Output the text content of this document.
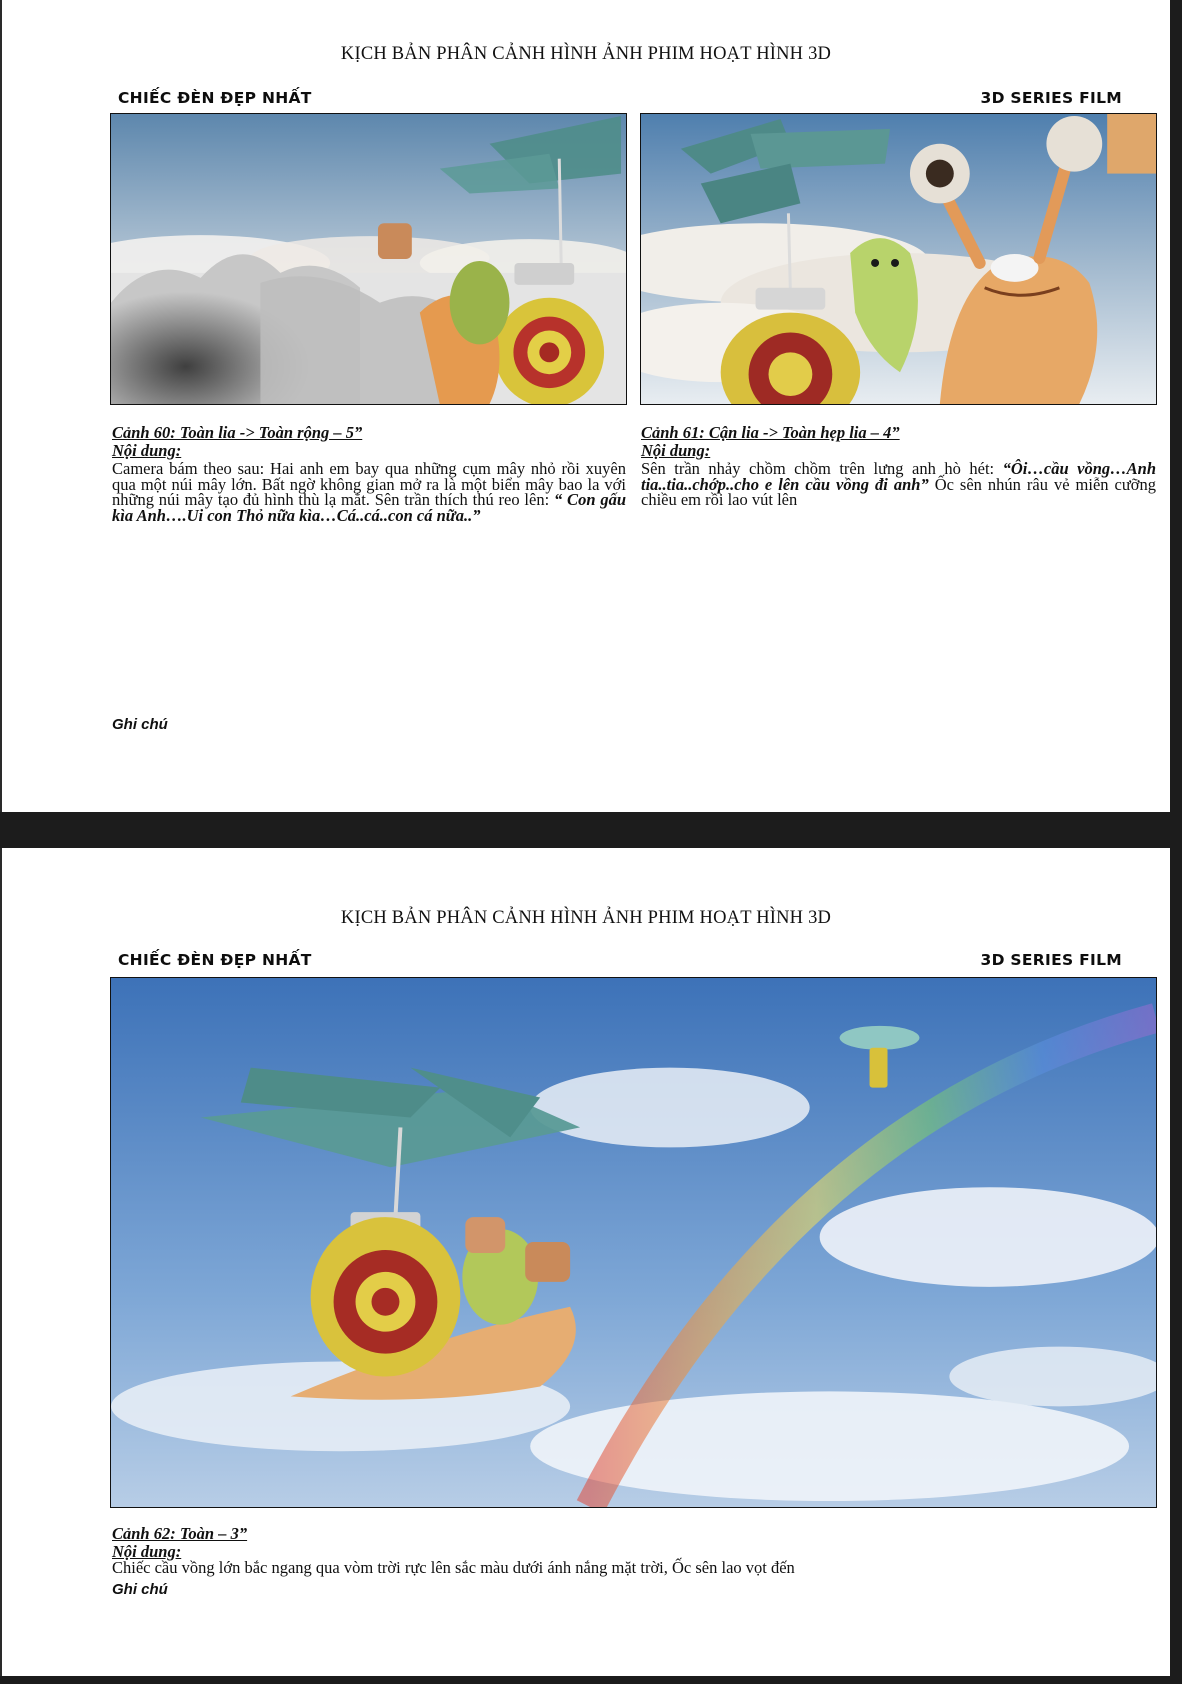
KỊCH BẢN PHÂN CẢNH HÌNH ẢNH PHIM HOẠT HÌNH 3D
CHIẾC ĐÈN ĐẸP NHẤT	3D SERIES FILM
Cảnh 60: Toàn lia -> Toàn rộng – 5”
Nội dung:
Camera bám theo sau: Hai anh em bay qua những cụm mây nhỏ rồi xuyên qua một núi mây lớn. Bất ngờ không gian mở ra là một biển mây bao la với những núi mây tạo đủ hình thù lạ mắt. Sên trần thích thú reo lên: “ Con gấu kìa Anh….Ui con Thỏ nữa kìa…Cá..cá..con cá nữa..”
Cảnh 61: Cận lia -> Toàn hẹp lia – 4”
Nội dung:
Sên trần nhảy chồm chồm trên lưng anh hò hét: “Ôi…cầu vồng…Anh tia..tia..chớp..cho e lên cầu vồng đi anh” Ốc sên nhún râu vẻ miễn cưỡng chiều em rồi lao vút lên
Ghi chú
KỊCH BẢN PHÂN CẢNH HÌNH ẢNH PHIM HOẠT HÌNH 3D
CHIẾC ĐÈN ĐẸP NHẤT	3D SERIES FILM
Cảnh 62: Toàn – 3”
Nội dung:
Chiếc cầu vồng lớn bắc ngang qua vòm trời rực lên sắc màu dưới ánh nắng mặt trời, Ốc sên lao vọt đến
Ghi chú
